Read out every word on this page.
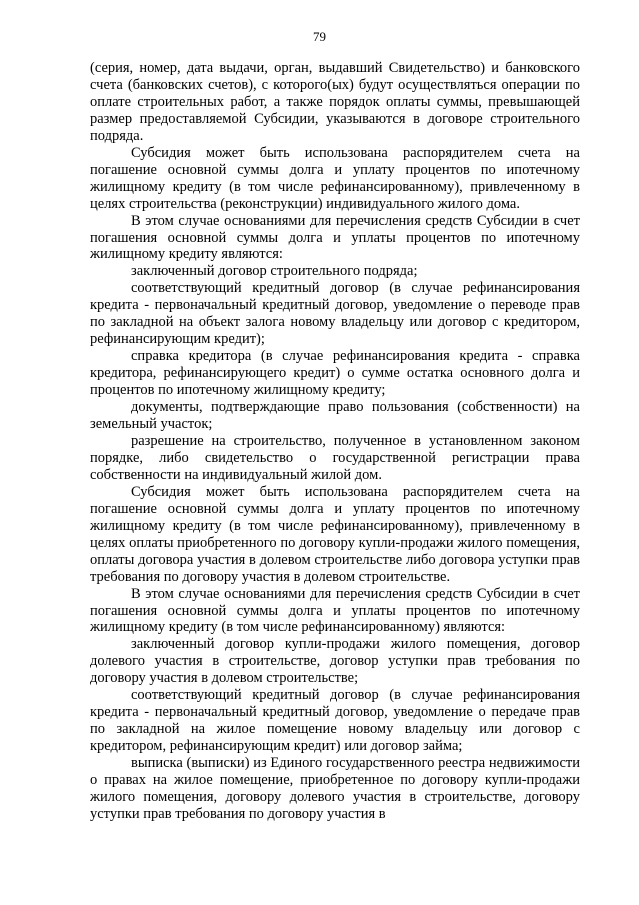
79

(серия, номер, дата выдачи, орган, выдавший Свидетельство) и банковского счета (банковских счетов), с которого(ых) будут осуществляться операции по оплате строительных работ, а также порядок оплаты суммы, превышающей размер предоставляемой Субсидии, указываются в договоре строительного подряда.

Субсидия может быть использована распорядителем счета на погашение основной суммы долга и уплату процентов по ипотечному жилищному кредиту (в том числе рефинансированному), привлеченному в целях строительства (реконструкции) индивидуального жилого дома.

В этом случае основаниями для перечисления средств Субсидии в счет погашения основной суммы долга и уплаты процентов по ипотечному жилищному кредиту являются:

заключенный договор строительного подряда;

соответствующий кредитный договор (в случае рефинансирования кредита - первоначальный кредитный договор, уведомление о переводе прав по закладной на объект залога новому владельцу или договор с кредитором, рефинансирующим кредит);

справка кредитора (в случае рефинансирования кредита - справка кредитора, рефинансирующего кредит) о сумме остатка основного долга и процентов по ипотечному жилищному кредиту;

документы, подтверждающие право пользования (собственности) на земельный участок;

разрешение на строительство, полученное в установленном законом порядке, либо свидетельство о государственной регистрации права собственности на индивидуальный жилой дом.

Субсидия может быть использована распорядителем счета на погашение основной суммы долга и уплату процентов по ипотечному жилищному кредиту (в том числе рефинансированному), привлеченному в целях оплаты приобретенного по договору купли-продажи жилого помещения, оплаты договора участия в долевом строительстве либо договора уступки прав требования по договору участия в долевом строительстве.

В этом случае основаниями для перечисления средств Субсидии в счет погашения основной суммы долга и уплаты процентов по ипотечному жилищному кредиту (в том числе рефинансированному) являются:

заключенный договор купли-продажи жилого помещения, договор долевого участия в строительстве, договор уступки прав требования по договору участия в долевом строительстве;

соответствующий кредитный договор (в случае рефинансирования кредита - первоначальный кредитный договор, уведомление о передаче прав по закладной на жилое помещение новому владельцу или договор с кредитором, рефинансирующим кредит) или договор займа;

выписка (выписки) из Единого государственного реестра недвижимости о правах на жилое помещение, приобретенное по договору купли-продажи жилого помещения, договору долевого участия в строительстве, договору уступки прав требования по договору участия в
